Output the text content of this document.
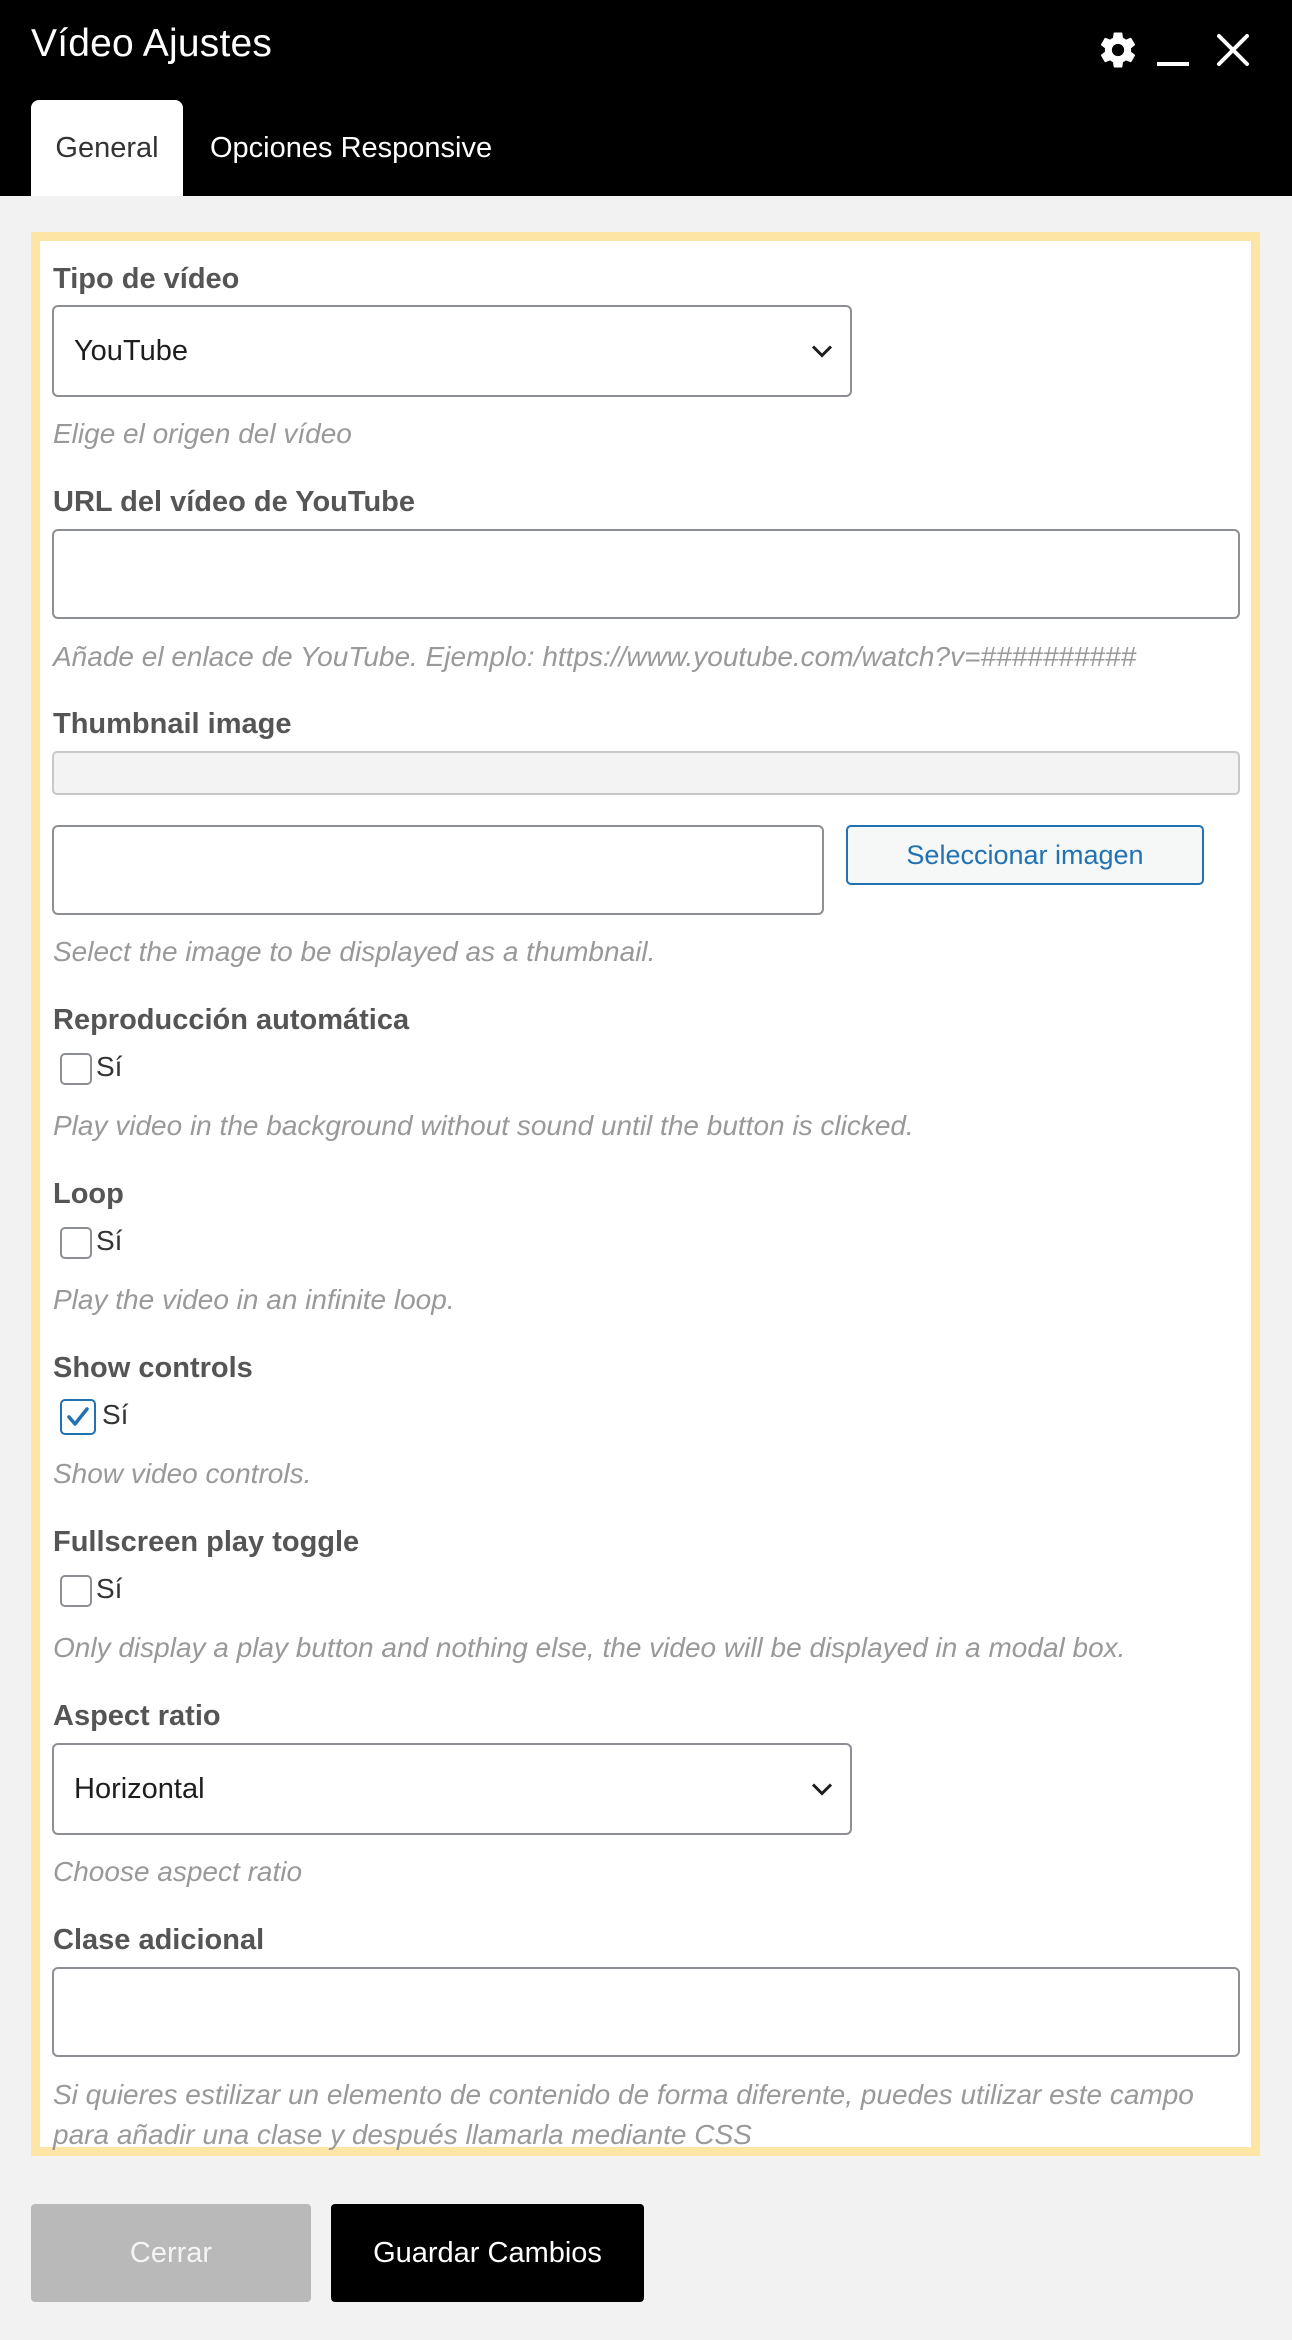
Vídeo Ajustes
General	Opciones Responsive
Tipo de vídeo
YouTube
Elige el origen del vídeo
URL del vídeo de YouTube
Añade el enlace de YouTube. Ejemplo: https://www.youtube.com/watch?v=##########
Thumbnail image
Seleccionar imagen
Select the image to be displayed as a thumbnail.
Reproducción automática
Sí
Play video in the background without sound until the button is clicked.
Loop
Sí
Play the video in an infinite loop.
Show controls
Sí
Show video controls.
Fullscreen play toggle
Sí
Only display a play button and nothing else, the video will be displayed in a modal box.
Aspect ratio
Horizontal
Choose aspect ratio
Clase adicional
Si quieres estilizar un elemento de contenido de forma diferente, puedes utilizar este campo para añadir una clase y después llamarla mediante CSS
Cerrar	Guardar Cambios
